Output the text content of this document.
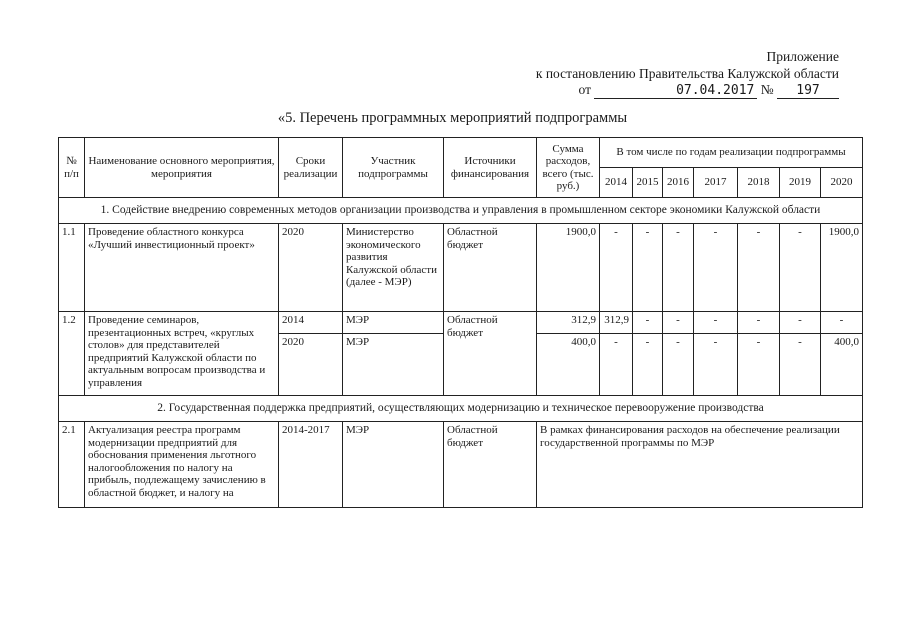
Приложение
к постановлению Правительства Калужской области
от	07.04.2017 № 197
«5. Перечень программных мероприятий подпрограммы
№ п/п	Наименование основного мероприятия, мероприятия	Сроки реализации	Участник подпрограммы	Источники финансирования	Сумма расходов, всего (тыс. руб.)	В том числе по годам реализации подпрограммы						
						2014	2015	2016	2017	2018	2019	2020
1. Содействие внедрению современных методов организации производства и управления в промышленном секторе экономики Калужской области												
1.1	Проведение областного конкурса «Лучший инвестиционный проект»	2020	Министерство экономического развития Калужской области (далее - МЭР)	Областной бюджет	1900,0	-	-	-	-	-	-	1900,0
1.2	Проведение семинаров, презентационных встреч, «круглых столов» для представителей предприятий Калужской области по актуальным вопросам производства и управления	2014	МЭР	Областной бюджет	312,9	312,9	-	-	-	-	-	-
		2020	МЭР		400,0	-	-	-	-	-	-	400,0
2. Государственная поддержка предприятий, осуществляющих модернизацию и техническое перевооружение производства												
2.1	Актуализация реестра программ модернизации предприятий для обоснования применения льготного налогообложения по налогу на прибыль, подлежащему зачислению в областной бюджет, и налогу на	2014-2017	МЭР	Областной бюджет	В рамках финансирования расходов на обеспечение реализации государственной программы по МЭР							
